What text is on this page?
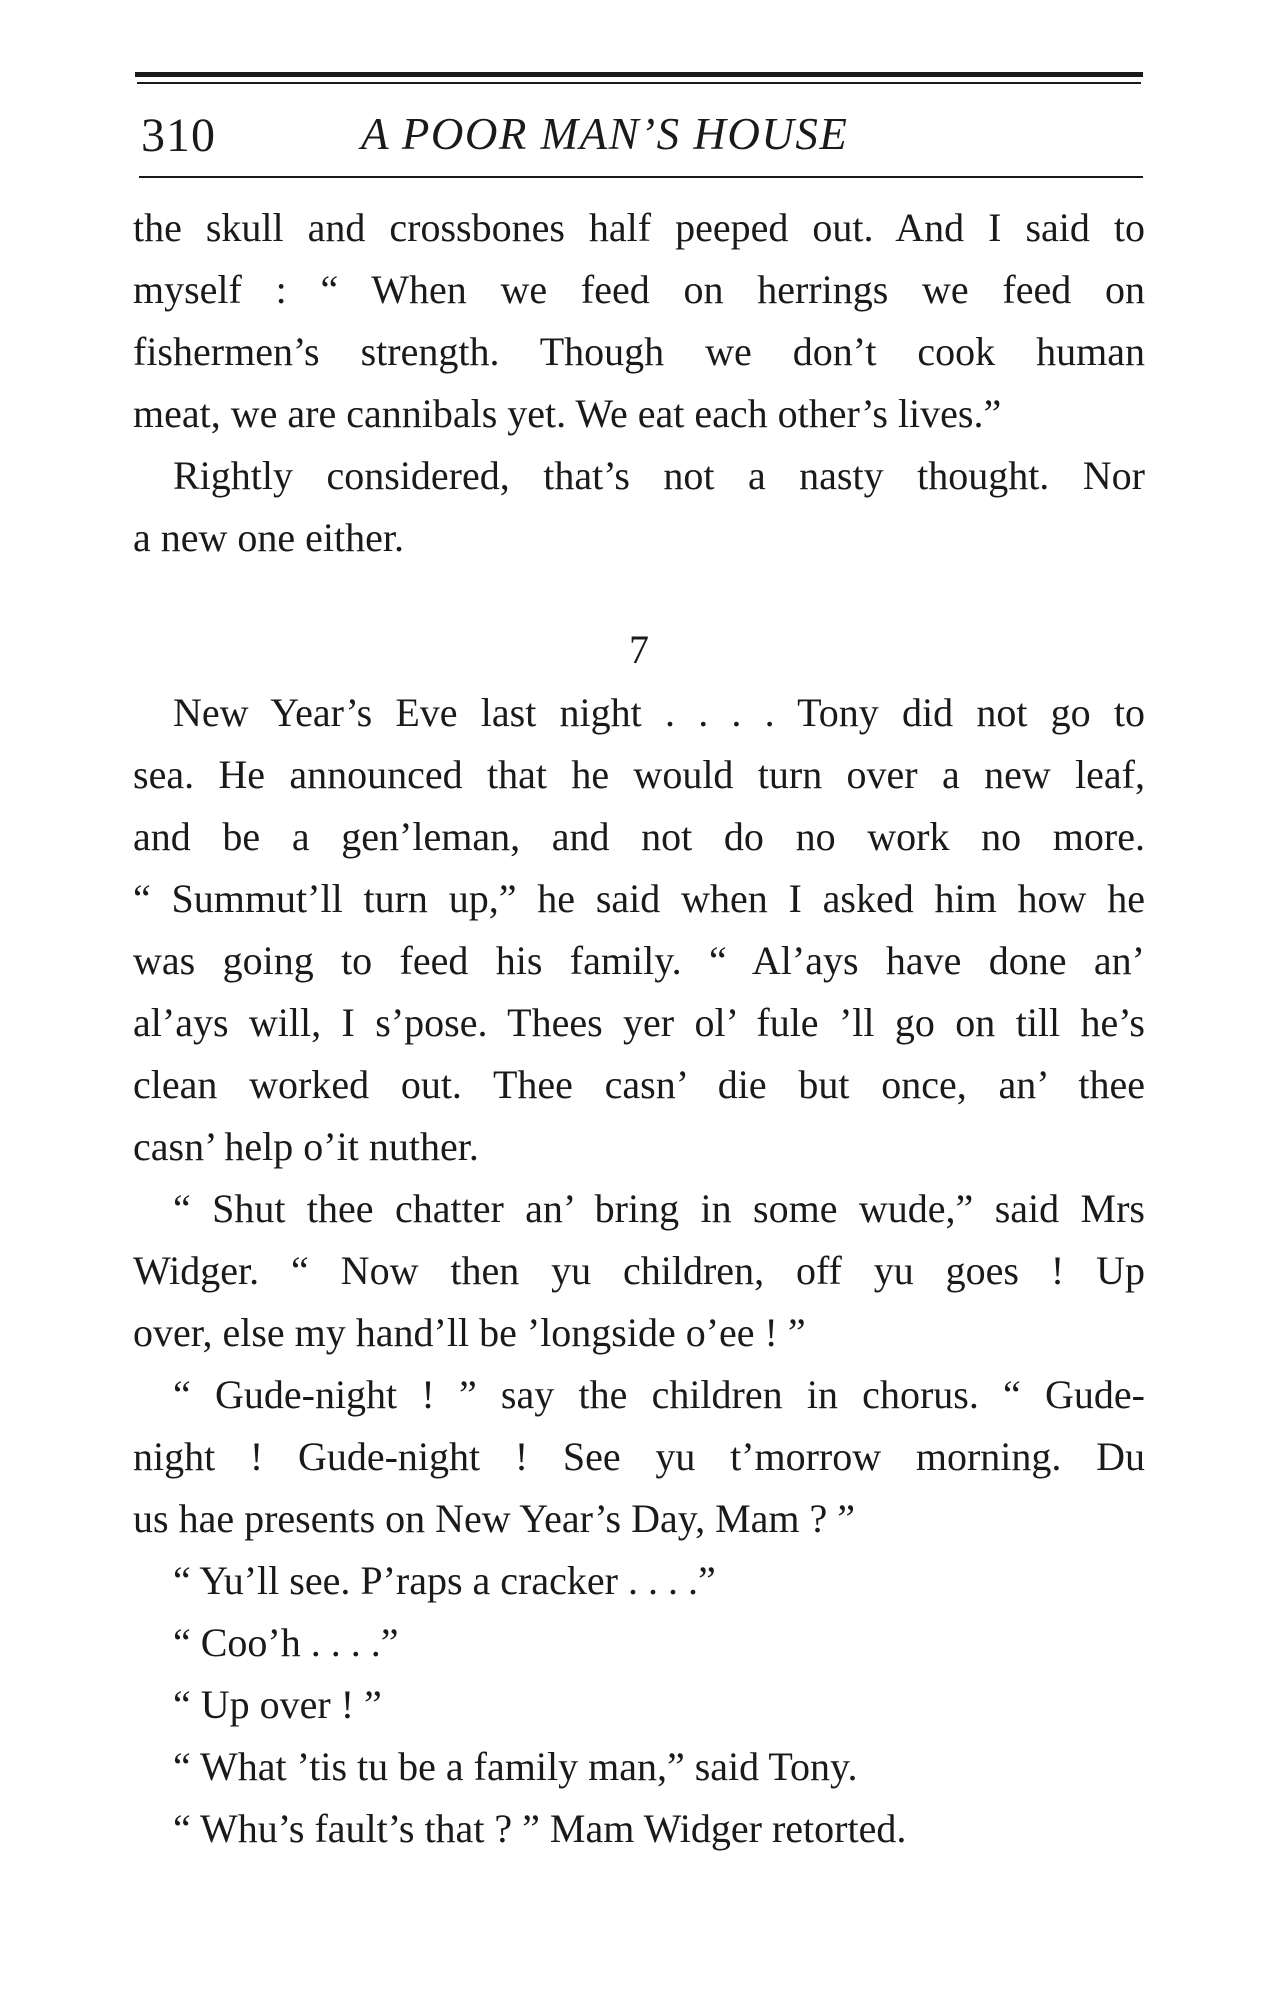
310	A POOR MAN’S HOUSE
the skull and crossbones half peeped out. And I said to
myself : “ When we feed on herrings we feed on
fishermen’s strength. Though we don’t cook human
meat, we are cannibals yet. We eat each other’s lives.”
Rightly considered, that’s not a nasty thought. Nor
a new one either.
7
New Year’s Eve last night . . . . Tony did not go to
sea. He announced that he would turn over a new leaf,
and be a gen’leman, and not do no work no more.
“ Summut’ll turn up,” he said when I asked him how he
was going to feed his family. “ Al’ays have done an’
al’ays will, I s’pose. Thees yer ol’ fule ’ll go on till he’s
clean worked out. Thee casn’ die but once, an’ thee
casn’ help o’it nuther.
“ Shut thee chatter an’ bring in some wude,” said Mrs
Widger. “ Now then yu children, off yu goes ! Up
over, else my hand’ll be ’longside o’ee ! ”
“ Gude-night ! ” say the children in chorus. “ Gude-
night ! Gude-night ! See yu t’morrow morning. Du
us hae presents on New Year’s Day, Mam ? ”
“ Yu’ll see. P’raps a cracker . . . .”
“ Coo’h . . . .”
“ Up over ! ”
“ What ’tis tu be a family man,” said Tony.
“ Whu’s fault’s that ? ” Mam Widger retorted.
